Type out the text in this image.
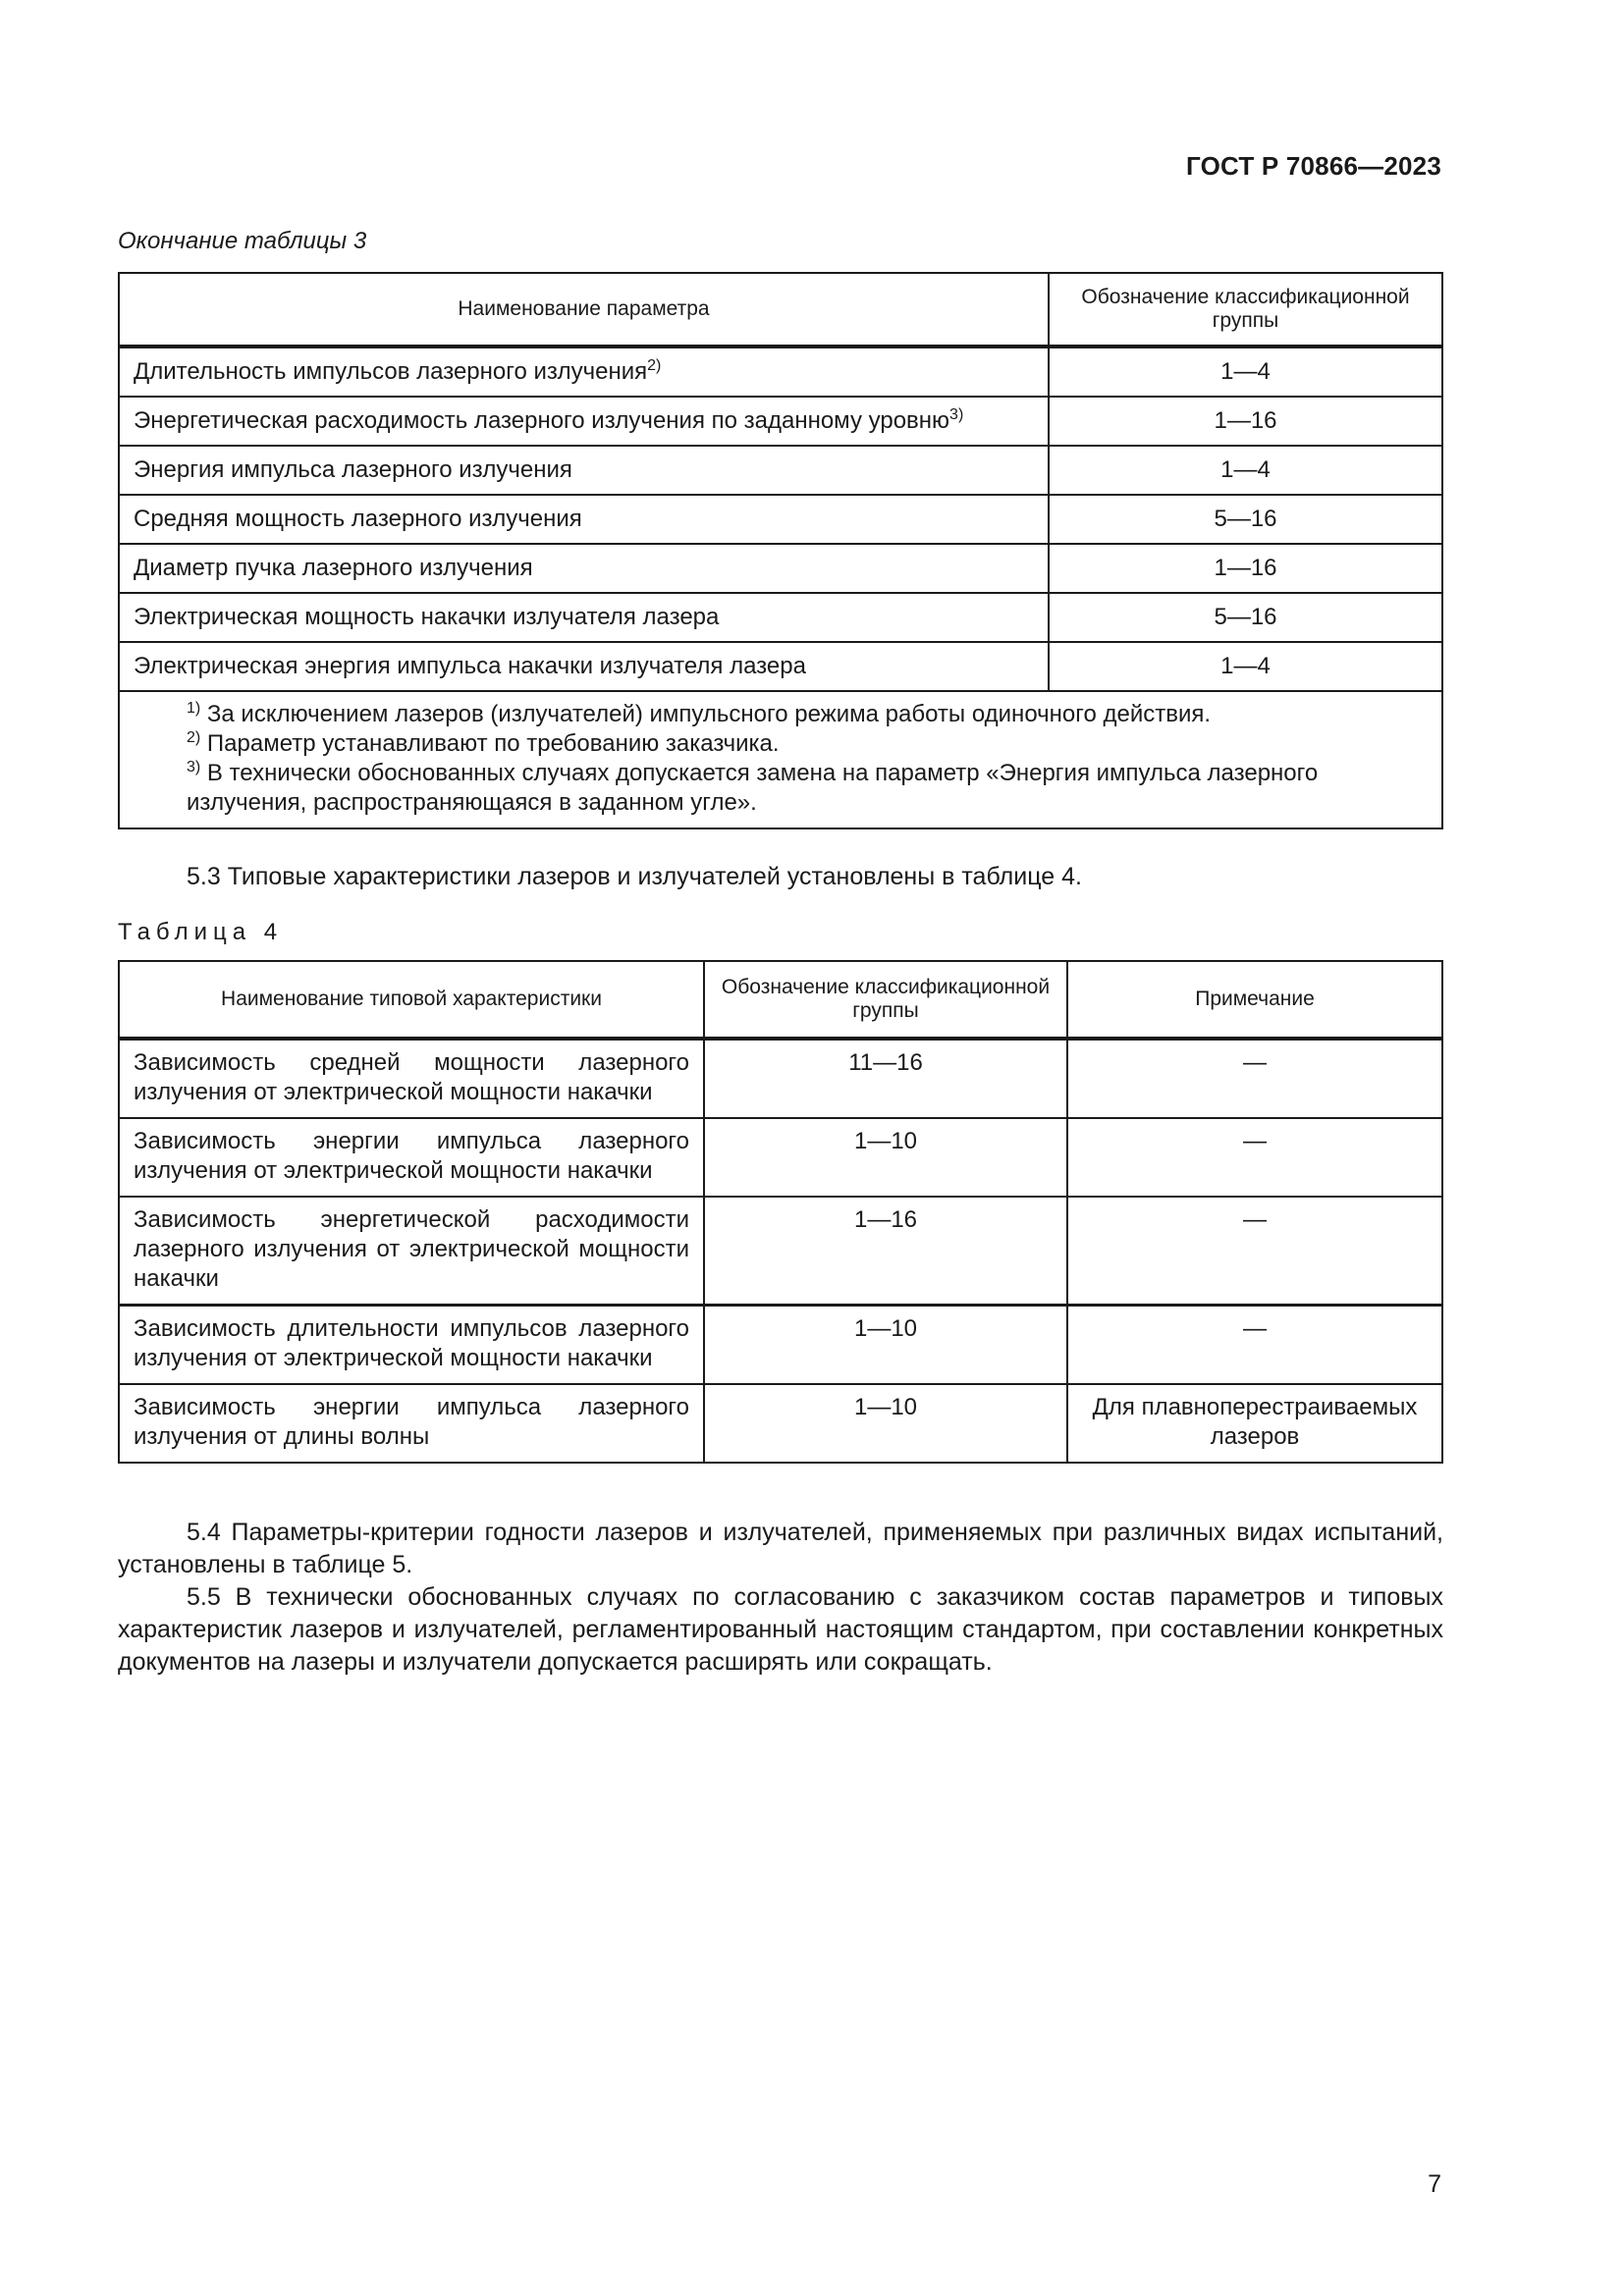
ГОСТ Р 70866—2023
Окончание таблицы 3
Наименование параметра	Обозначение классификационной группы
Длительность импульсов лазерного излучения$^{2)}$	1—4
Энергетическая расходимость лазерного излучения по заданному уровню$^{3)}$	1—16
Энергия импульса лазерного излучения	1—4
Средняя мощность лазерного излучения	5—16
Диаметр пучка лазерного излучения	1—16
Электрическая мощность накачки излучателя лазера	5—16
Электрическая энергия импульса накачки излучателя лазера	1—4

$^{1)}$ За исключением лазеров (излучателей) импульсного режима работы одиночного действия.
$^{2)}$ Параметр устанавливают по требованию заказчика.
$^{3)}$ В технически обоснованных случаях допускается замена на параметр «Энергия импульса лазерного излучения, распространяющаяся в заданном угле».	
5.3 Типовые характеристики лазеров и излучателей установлены в таблице 4.
Таблица 4
Наименование типовой характеристики	Обозначение классификационной группы	Примечание
Зависимость средней мощности лазерного излучения от электрической мощности накачки	11—16	—
Зависимость энергии импульса лазерного излучения от электрической мощности накачки	1—10	—
Зависимость энергетической расходимости лазерного излучения от электрической мощности накачки	1—16	—
Зависимость длительности импульсов лазерного излучения от электрической мощности накачки	1—10	—
Зависимость энергии импульса лазерного излучения от длины волны	1—10	Для плавноперестраиваемых лазеров
5.4 Параметры-критерии годности лазеров и излучателей, применяемых при различных видах испытаний, установлены в таблице 5.
5.5 В технически обоснованных случаях по согласованию с заказчиком состав параметров и типовых характеристик лазеров и излучателей, регламентированный настоящим стандартом, при составлении конкретных документов на лазеры и излучатели допускается расширять или сокращать.
7
